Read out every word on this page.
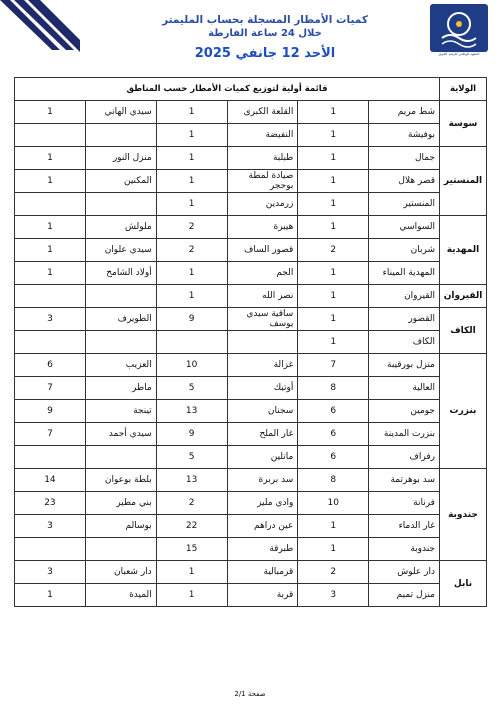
المعهد الوطني للرصد الجوي
كميات الأمطار المسجلة بحساب المليمتر
خلال 24 ساعة الفارطة
الأحد 12 جانفي 2025
الولاية	قائمة أولية لتوزيع كميات الأمطار حسب المناطق					
سوسة	شط مريم	1	القلعة الكبرى	1	سيدي الهاني	1
	بوفيشة	1	النفيضة	1		
المنستير	جمال	1	طبلبة	1	منزل النور	1
	قصر هلال	1	صيادة لمطة بوحجر	1	المكنين	1
	المنستير	1	زرمدين	1		
المهدية	السواسي	1	هيبرة	2	ملولش	1
	شربان	2	قصور الساف	2	سيدي علوان	1
	المهدية الميناء	1	الجم	1	أولاد الشامخ	1
القيروان	القيروان	1	نصر الله	1		
الكاف	القصور	1	ساقية سيدي يوسف	9	الطويرف	3
	الكاف	1				
بنزرت	منزل بورقيبة	7	غزالة	10	العزيب	6
	العالية	8	أوتيك	5	ماطر	7
	جومين	6	سجنان	13	تينجة	9
	بنزرت المدينة	6	غار الملح	9	سيدي أحمد	7
	رفراف	6	ماتلين	5		
جندوبة	سد بوهرتمة	8	سد بربرة	13	بلطة بوعوان	14
	فرنانة	10	وادي مليز	2	بني مطير	23
	غار الدماء	1	عين دراهم	22	بوسالم	3
	جندوبة	1	طبرقة	15		
نابل	دار علوش	2	قرمبالية	1	دار شعبان	3
	منزل تميم	3	قربة	1	الميدة	1
صفحة 2/1
